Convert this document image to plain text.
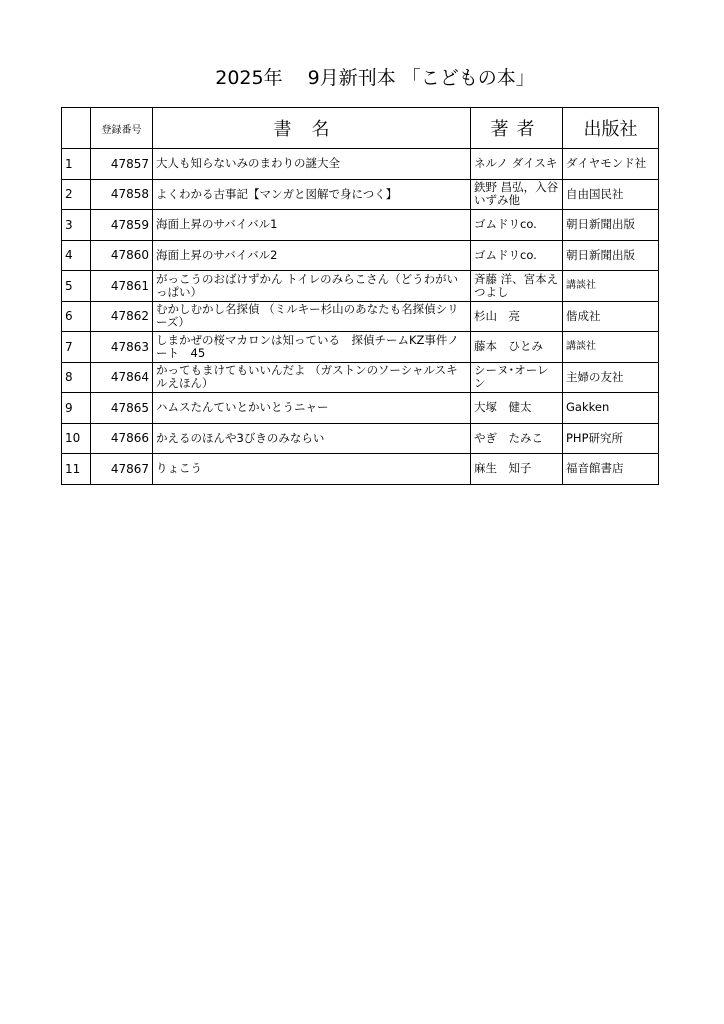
2025年　 9月新刊本 「こどもの本」
	登録番号	書名	著者	出版社
1	47857	大人も知らないみのまわりの謎大全	ネルノ ダイスキ	ダイヤモンド社
2	47858	よくわかる古事記【マンガと図解で身につく】	鉄野 昌弘，入谷 いずみ他	自由国民社
3	47859	海面上昇のサバイバル1	ゴムドリco.	朝日新聞出版
4	47860	海面上昇のサバイバル2	ゴムドリco.	朝日新聞出版
5	47861	がっこうのおばけずかん トイレのみらこさん（どうわがいっぱい）	斉藤 洋、宮本えつよし	講談社
6	47862	むかしむかし名探偵 （ミルキー杉山のあなたも名探偵シリーズ）	杉山　亮	偕成社
7	47863	しまかぜの桜マカロンは知っている　探偵チームKZ事件ノート　45	藤本　ひとみ	講談社
8	47864	かってもまけてもいいんだよ （ガストンのソーシャルスキルえほん）	シーヌ･オーレン	主婦の友社
9	47865	ハムスたんていとかいとうニャー	大塚　健太	Gakken
10	47866	かえるのほんや3びきのみならい	やぎ　たみこ	PHP研究所
11	47867	りょこう	麻生　知子	福音館書店
